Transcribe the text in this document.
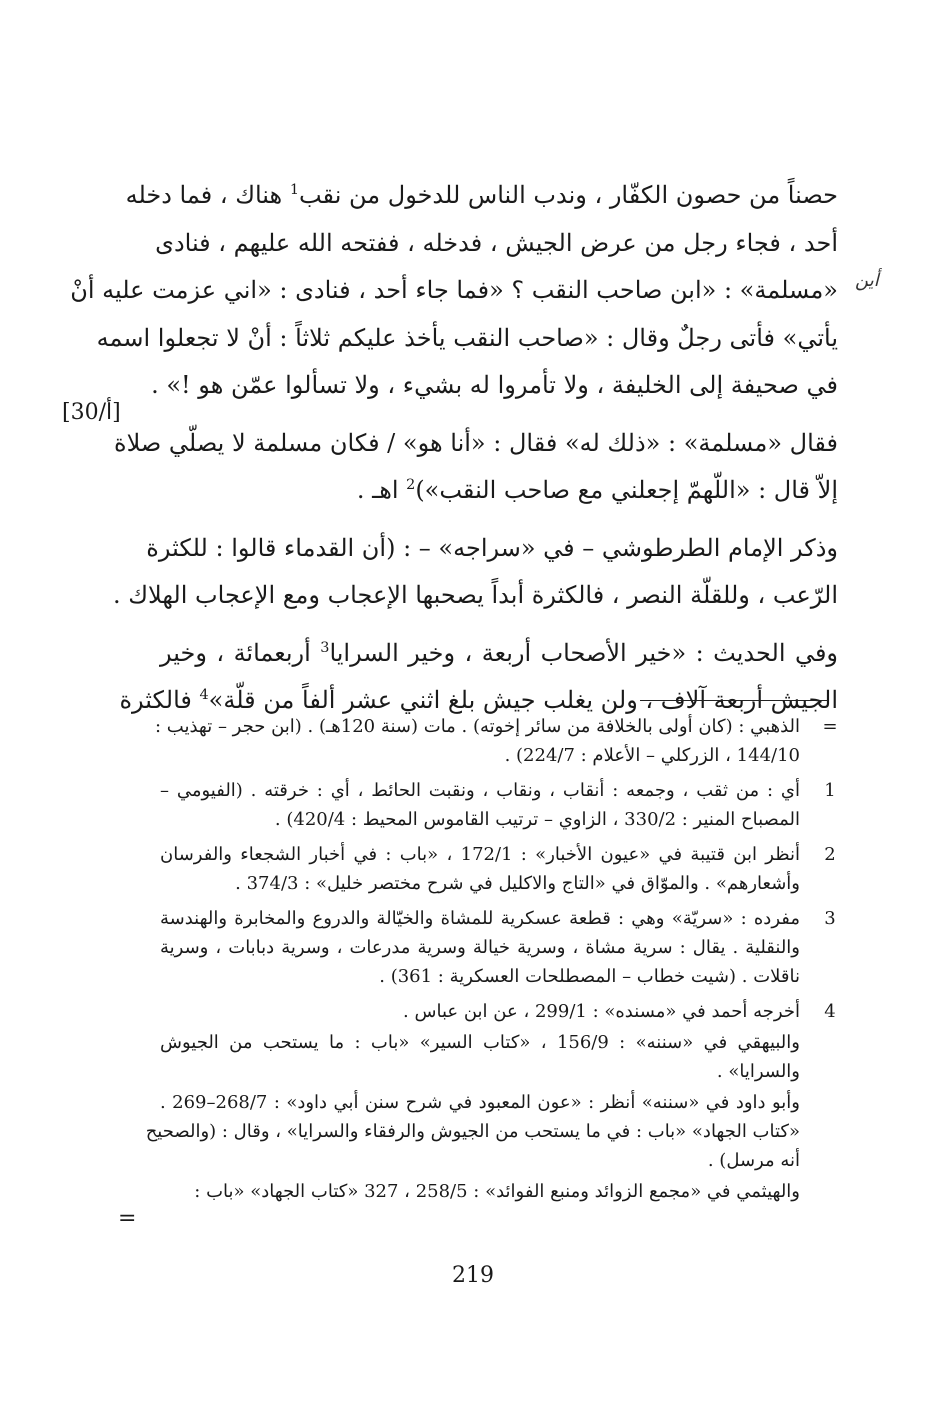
حصناً من حصون الكفّار ، وندب الناس للدخول من نقب$^1$ هناك ، فما دخله
أحد ، فجاء رجل من عرض الجيش ، فدخله ، ففتحه الله عليهم ، فنادى
«مسلمة» : «ابن صاحب النقب ؟ «فما جاء أحد ، فنادى : «اني عزمت عليه أنْ
يأتي» فأتى رجلٌ وقال : «صاحب النقب يأخذ عليكم ثلاثاً : أنْ لا تجعلوا اسمه
في صحيفة إلى الخليفة ، ولا تأمروا له بشيء ، ولا تسألوا عمّن هو !» .
فقال «مسلمة» : «ذلك له» فقال : «أنا هو» / فكان مسلمة لا يصلّي صلاة
إلاّ قال : «اللّهمّ إجعلني مع صاحب النقب»)$^2$ اهـ .
وذكر الإمام الطرطوشي – في «سراجه» – : (أن القدماء قالوا : للكثرة
الرّعب ، وللقلّة النصر ، فالكثرة أبداً يصحبها الإعجاب ومع الإعجاب الهلاك .
وفي الحديث : «خير الأصحاب أربعة ، وخير السرايا$^3$ أربعمائة ، وخير
الجيش أربعة آلاف ، ولن يغلب جيش بلغ اثني عشر ألفاً من قلّة»$^4$ فالكثرة
أين
[30/أ]
=
الذهبي : (كان أولى بالخلافة من سائر إخوته) . مات (سنة 120هـ) . (ابن حجر – تهذيب :
144/10 ، الزركلي – الأعلام : 224/7) .
1
أي : من ثقب ، وجمعه : أنقاب ، ونقاب ، ونقبت الحائط ، أي : خرقته . (الفيومي –
المصباح المنير : 330/2 ، الزاوي – ترتيب القاموس المحيط : 420/4) .
2
أنظر ابن قتيبة في «عيون الأخبار» : 172/1 ، «باب : في أخبار الشجعاء والفرسان
وأشعارهم» . والموّاق في «التاج والاكليل في شرح مختصر خليل» : 374/3 .
3
مفرده : «سريّة» وهي : قطعة عسكرية للمشاة والخيّالة والدروع والمخابرة والهندسة
والنقلية . يقال : سرية مشاة ، وسرية خيالة وسرية مدرعات ، وسرية دبابات ، وسرية
ناقلات . (شيت خطاب – المصطلحات العسكرية : 361) .
4
أخرجه أحمد في «مسنده» : 299/1 ، عن ابن عباس .
والبيهقي في «سننه» : 156/9 ، «كتاب السير» «باب : ما يستحب من الجيوش
والسرايا» .
وأبو داود في «سننه» أنظر : «عون المعبود في شرح سنن أبي داود» : 268/7–269 .
«كتاب الجهاد» «باب : في ما يستحب من الجيوش والرفقاء والسرايا» ، وقال : (والصحيح
أنه مرسل) .
والهيثمي في «مجمع الزوائد ومنبع الفوائد» : 258/5 ، 327 «كتاب الجهاد» «باب :
=
219
